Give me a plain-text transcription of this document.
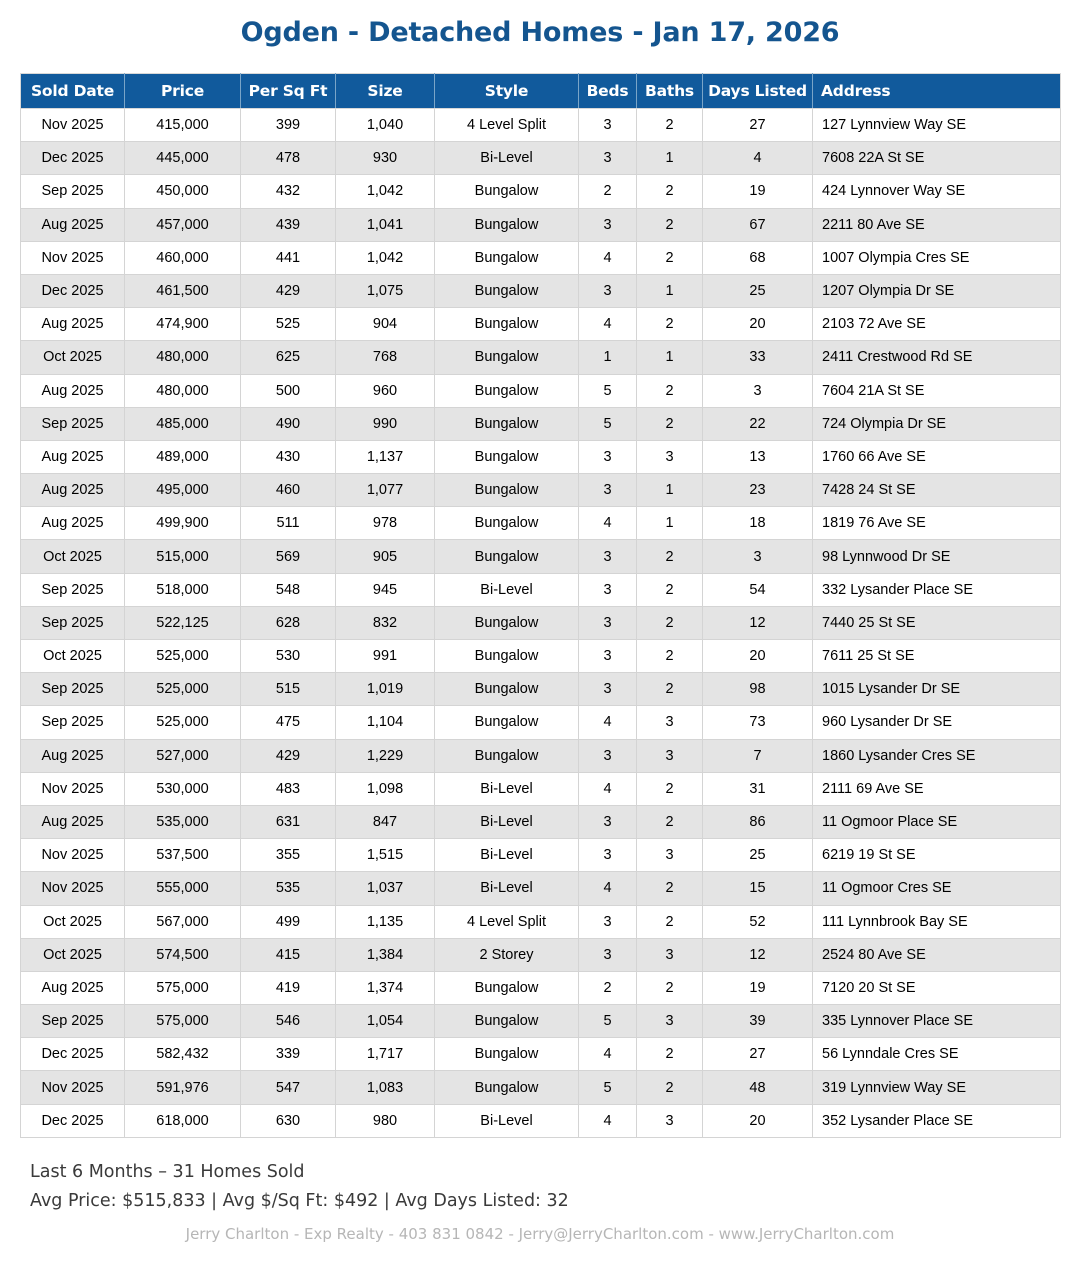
Ogden - Detached Homes - Jan 17, 2026
Sold Date	Price	Per Sq Ft	Size	Style	Beds	Baths	Days Listed	Address
Nov 2025	415,000	399	1,040	4 Level Split	3	2	27	127 Lynnview Way SE
Dec 2025	445,000	478	930	Bi-Level	3	1	4	7608 22A St SE
Sep 2025	450,000	432	1,042	Bungalow	2	2	19	424 Lynnover Way SE
Aug 2025	457,000	439	1,041	Bungalow	3	2	67	2211 80 Ave SE
Nov 2025	460,000	441	1,042	Bungalow	4	2	68	1007 Olympia Cres SE
Dec 2025	461,500	429	1,075	Bungalow	3	1	25	1207 Olympia Dr SE
Aug 2025	474,900	525	904	Bungalow	4	2	20	2103 72 Ave SE
Oct 2025	480,000	625	768	Bungalow	1	1	33	2411 Crestwood Rd SE
Aug 2025	480,000	500	960	Bungalow	5	2	3	7604 21A St SE
Sep 2025	485,000	490	990	Bungalow	5	2	22	724 Olympia Dr SE
Aug 2025	489,000	430	1,137	Bungalow	3	3	13	1760 66 Ave SE
Aug 2025	495,000	460	1,077	Bungalow	3	1	23	7428 24 St SE
Aug 2025	499,900	511	978	Bungalow	4	1	18	1819 76 Ave SE
Oct 2025	515,000	569	905	Bungalow	3	2	3	98 Lynnwood Dr SE
Sep 2025	518,000	548	945	Bi-Level	3	2	54	332 Lysander Place SE
Sep 2025	522,125	628	832	Bungalow	3	2	12	7440 25 St SE
Oct 2025	525,000	530	991	Bungalow	3	2	20	7611 25 St SE
Sep 2025	525,000	515	1,019	Bungalow	3	2	98	1015 Lysander Dr SE
Sep 2025	525,000	475	1,104	Bungalow	4	3	73	960 Lysander Dr SE
Aug 2025	527,000	429	1,229	Bungalow	3	3	7	1860 Lysander Cres SE
Nov 2025	530,000	483	1,098	Bi-Level	4	2	31	2111 69 Ave SE
Aug 2025	535,000	631	847	Bi-Level	3	2	86	11 Ogmoor Place SE
Nov 2025	537,500	355	1,515	Bi-Level	3	3	25	6219 19 St SE
Nov 2025	555,000	535	1,037	Bi-Level	4	2	15	11 Ogmoor Cres SE
Oct 2025	567,000	499	1,135	4 Level Split	3	2	52	111 Lynnbrook Bay SE
Oct 2025	574,500	415	1,384	2 Storey	3	3	12	2524 80 Ave SE
Aug 2025	575,000	419	1,374	Bungalow	2	2	19	7120 20 St SE
Sep 2025	575,000	546	1,054	Bungalow	5	3	39	335 Lynnover Place SE
Dec 2025	582,432	339	1,717	Bungalow	4	2	27	56 Lynndale Cres SE
Nov 2025	591,976	547	1,083	Bungalow	5	2	48	319 Lynnview Way SE
Dec 2025	618,000	630	980	Bi-Level	4	3	20	352 Lysander Place SE
Last 6 Months – 31 Homes Sold
Avg Price: $515,833 | Avg $/Sq Ft: $492 | Avg Days Listed: 32
Jerry Charlton - Exp Realty - 403 831 0842 - Jerry@JerryCharlton.com - www.JerryCharlton.com
